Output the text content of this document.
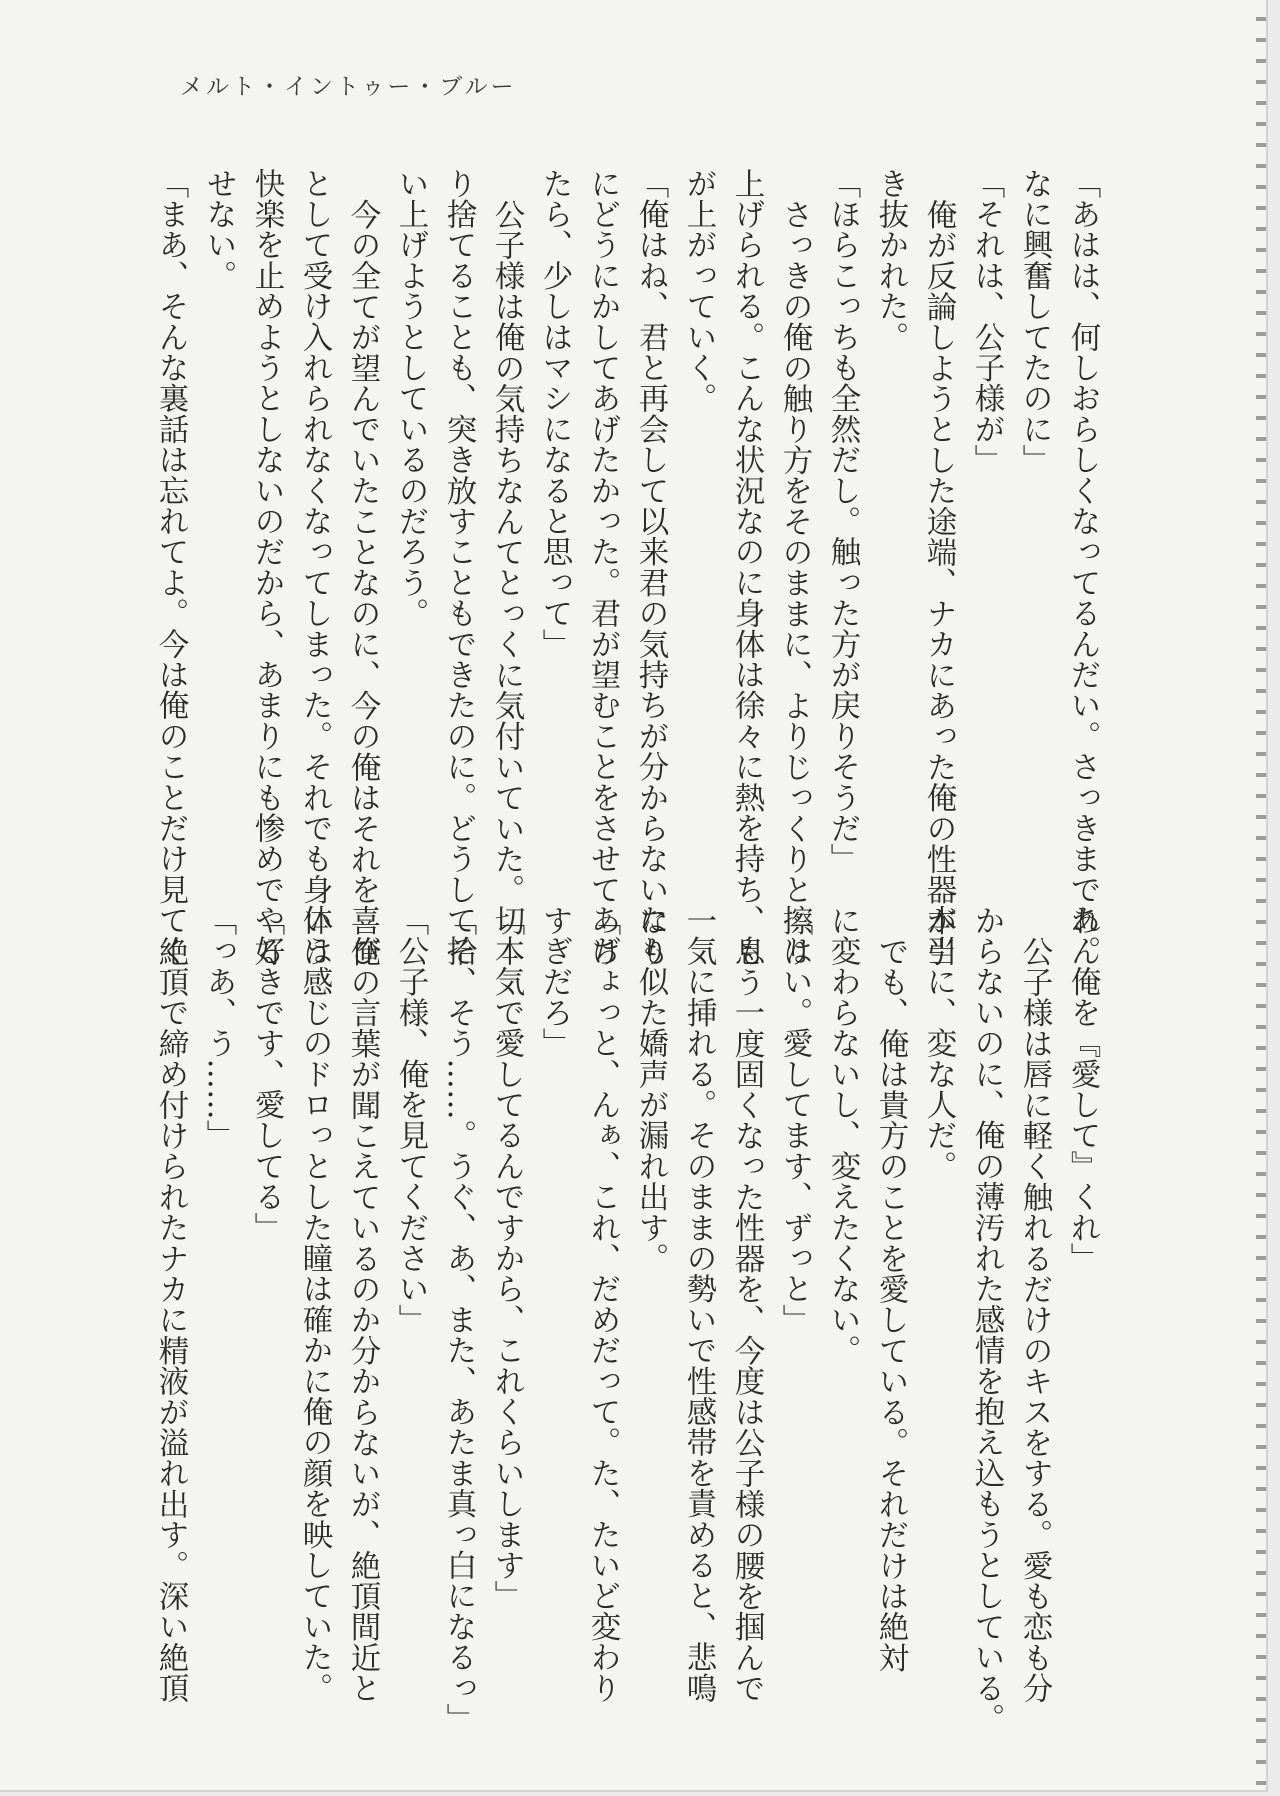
メルト・イントゥー・ブルー

「あはは、何しおらしくなってるんだい。さっきまであん

なに興奮してたのに」

「それは、公子様が」

俺が反論しようとした途端、ナカにあった俺の性器が引

き抜かれた。

「ほらこっちも全然だし。触った方が戻りそうだ」

さっきの俺の触り方をそのままに、よりじっくりと擦り

上げられる。こんな状況なのに身体は徐々に熱を持ち、息

が上がっていく。

「俺はね、君と再会して以来君の気持ちが分からないなり

にどうにかしてあげたかった。君が望むことをさせてあげ

たら、少しはマシになると思って」

公子様は俺の気持ちなんてとっくに気付いていた。切

り捨てることも、突き放すこともできたのに。どうして拾

い上げようとしているのだろう。

今の全てが望んでいたことなのに、今の俺はそれを喜び

として受け入れられなくなってしまった。それでも身体は

快楽を止めようとしないのだから、あまりにも惨めでやる

せない。

「まあ、そんな裏話は忘れてよ。今は俺のことだけ見てく

れ。俺を『愛して』くれ」

公子様は唇に軽く触れるだけのキスをする。愛も恋も分

からないのに、俺の薄汚れた感情を抱え込もうとしている。

本当に、変な人だ。

でも、俺は貴方のことを愛している。それだけは絶対

に変わらないし、変えたくない。

「はい。愛してます、ずっと」

もう一度固くなった性器を、今度は公子様の腰を掴んで

一気に挿れる。そのままの勢いで性感帯を責めると、悲鳴

にも似た嬌声が漏れ出す。

「ちょっと、んぁ、これ、だめだって。た、たいど変わり

すぎだろ」

「本気で愛してるんですから、これくらいします」

「そ、そう……。うぐ、あ、また、あたま真っ白になるっ」

「公子様、俺を見てください」

俺の言葉が聞こえているのか分からないが、絶頂間近と

いう感じのドロっとした瞳は確かに俺の顔を映していた。

「好きです、愛してる」

「っあ、う……」

絶頂で締め付けられたナカに精液が溢れ出す。深い絶頂
